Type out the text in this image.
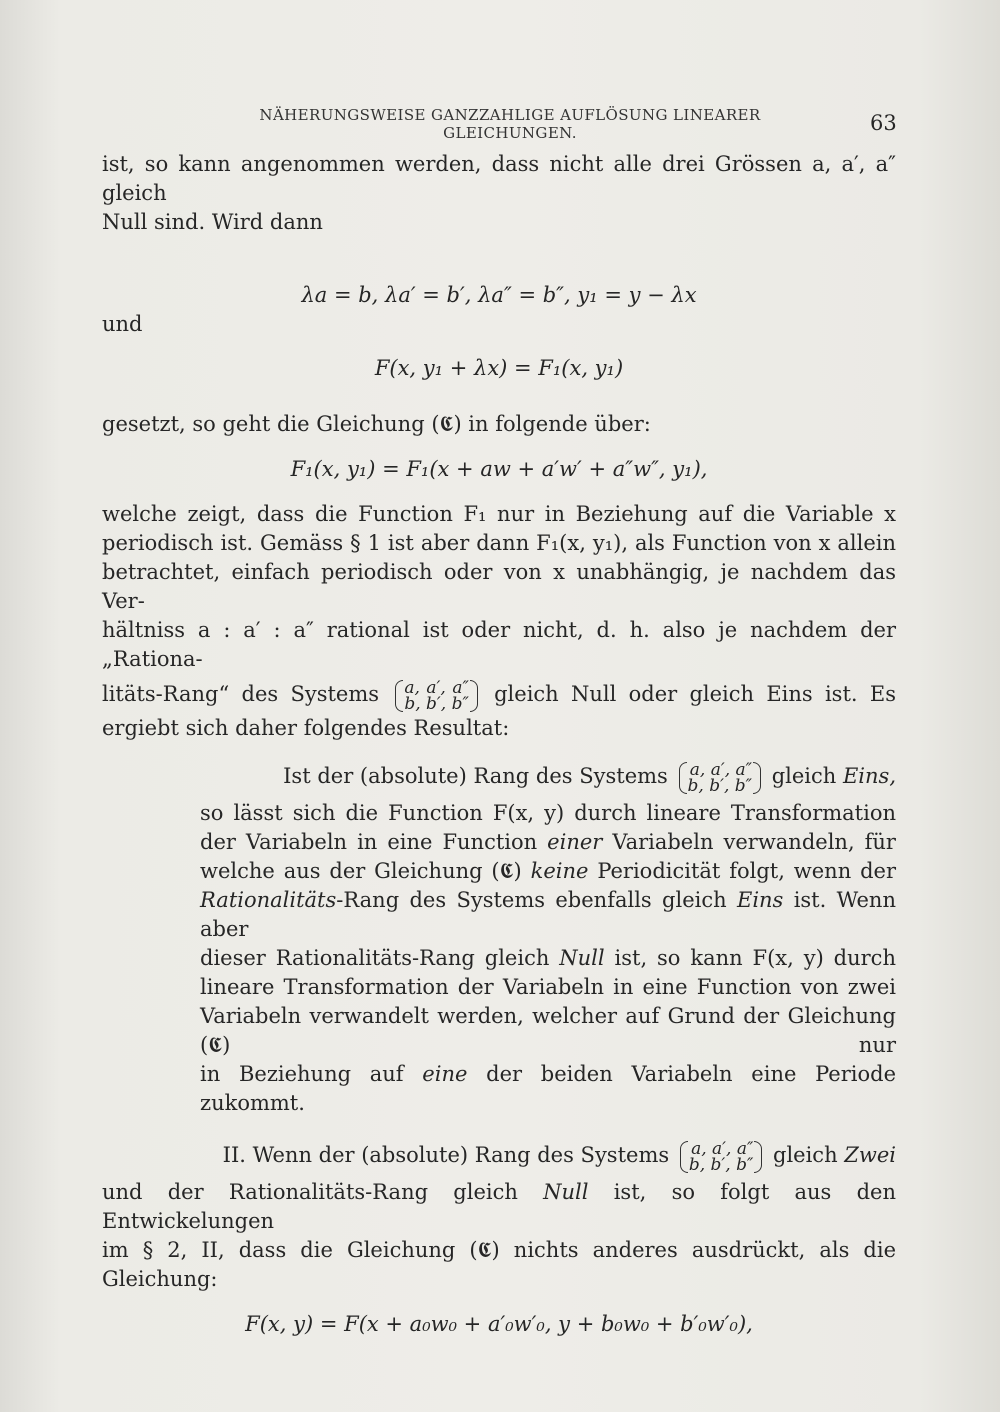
NÄHERUNGSWEISE GANZZAHLIGE AUFLÖSUNG LINEARER GLEICHUNGEN.	63

ist, so kann angenommen werden, dass nicht alle drei Grössen a, a′, a″ gleich

Null sind. Wird dann

λa = b, λa′ = b′, λa″ = b″, y₁ = y − λx

und

F(x, y₁ + λx) = F₁(x, y₁)

gesetzt, so geht die Gleichung (𝕮) in folgende über:

F₁(x, y₁) = F₁(x + aw + a′w′ + a″w″, y₁),

welche zeigt, dass die Function F₁ nur in Beziehung auf die Variable x

periodisch ist. Gemäss § 1 ist aber dann F₁(x, y₁), als Function von x allein

betrachtet, einfach periodisch oder von x unabhängig, je nachdem das Ver-

hältniss a : a′ : a″ rational ist oder nicht, d. h. also je nachdem der „Rationa-

litäts-Rang“ des Systems a, a′, a″
b, b′, b″ gleich Null oder gleich Eins ist. Es

ergiebt sich daher folgendes Resultat:

Ist der (absolute) Rang des Systems a, a′, a″
b, b′, b″ gleich Eins,

so lässt sich die Function F(x, y) durch lineare Transformation

der Variabeln in eine Function einer Variabeln verwandeln, für

welche aus der Gleichung (𝕮) keine Periodicität folgt, wenn der

Rationalitäts-Rang des Systems ebenfalls gleich Eins ist. Wenn aber

dieser Rationalitäts-Rang gleich Null ist, so kann F(x, y) durch

lineare Transformation der Variabeln in eine Function von zwei

Variabeln verwandelt werden, welcher auf Grund der Gleichung (𝕮) nur

in Beziehung auf eine der beiden Variabeln eine Periode zukommt.

II. Wenn der (absolute) Rang des Systems a, a′, a″
b, b′, b″ gleich Zwei

und der Rationalitäts-Rang gleich Null ist, so folgt aus den Entwickelungen

im § 2, II, dass die Gleichung (𝕮) nichts anderes ausdrückt, als die Gleichung:

F(x, y) = F(x + a₀w₀ + a′₀w′₀, y + b₀w₀ + b′₀w′₀),
